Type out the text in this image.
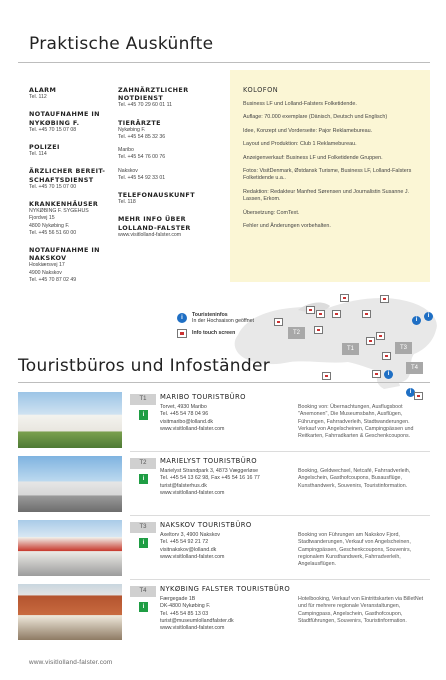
Praktische Auskünfte
ALARM
Tel. 112
NOTAUFNAHME IN NYKØBING F.
Tel. +45 70 15 07 08
POLIZEI
Tel. 114
ÄRZLICHER BEREIT-SCHAFTSDIENST
Tel. +45 70 15 07 00
KRANKENHÄUSER
NYKØBING F. SYGEHUS
Fjordvej 15
4800 Nykøbing F.
Tel. +45 56 51 60 00
NOTAUFNAHME IN NAKSKOV
Hoskiærsvej 17
4900 Nakskov
Tel. +45 70 87 02 49
ZAHNÄRZTLICHER NOTDIENST
Tel. +45 70 29 60 01 11
TIERÄRZTE
Nykøbing F.
Tel. +45 54 85 32 36
Maribo
Tel. +45 54 76 00 76
Nakskov
Tel. +45 54 92 33 01
TELEFONAUSKUNFT
Tel. 118
MEHR INFO ÜBER LOLLAND-FALSTER
www.visitlolland-falster.com
KOLOFON
Business LF und Lolland-Falsters Folketidende.
Auflage: 70.000 exemplare (Dänisch, Deutsch und Englisch)
Idee, Konzept und Vorderseite: Pajor Reklamebureau.
Layout und Produktion: Club 1 Reklamebureau.
Anzeigenverkauf: Business LF und Folketidende Gruppen.
Fotos: VisitDenmark, Østdansk Turisme, Business LF, Lolland-Falsters Folketidende u.a..
Redaktion: Redakteur Manfred Sørensen und Journalistin Susanne J. Lassen, Erkom.
Übersetzung: ComText.
Fehler und Änderungen vorbehalten.
T2
T1	T3
T4
i
i
i
i
i
Touristeninfos
In der Hochsaison geöffnet
Info touch screen
Touristbüros und Infoständer
T1
i
MARIBO TOURISTBÜRO
Torvet, 4930 Maribo
Tel. +45 54 78 04 96
visitmaribo@lolland.dk
www.visitlolland-falster.com
Booking von: Übernachtungen, Ausflugsboot "Anemonen", Die Museumsbahn, Ausflügen, Führungen, Fahrradverleih, Stadtwanderungen. Verkauf von Angelscheinen, Campingpässen und Reitkarten, Fahrradkarten & Geschenkcoupons.
T2
i
MARIELYST TOURISTBÜRO
Marielyst Strandpark 3, 4873 Væggerløse
Tel. +45 54 13 62 98, Fax +45 54 16 16 77
turist@falsterhus.dk
www.visitlolland-falster.com
Booking, Geldwechsel, Netcafé, Fahrradverleih, Angelschein, Gasthofcoupons, Busausflüge, Kunsthandwerk, Souvenirs, Touristinformation.
T3
i
NAKSKOV TOURISTBÜRO
Axeltorv 3, 4900 Nakskov
Tel. +45 54 92 21 72
visitnakskov@lolland.dk
www.visitlolland-falster.com
Booking von Führungen am Nakskov Fjord, Stadtwanderungen, Verkauf von Angelscheinen, Campingpässen, Geschenkcoupons, Souvenirs, regionalem Kunsthandwerk, Fahrradverleih, Angelausflügen.
T4
i
NYKØBING FALSTER TOURISTBÜRO
Færgegade 1B
DK-4800 Nykøbing F.
Tel. +45 54 85 13 03
turist@museumlollandfalster.dk
www.visitlolland-falster.com
Hotelbooking, Verkauf von Eintrittskarten via BilletNet und für mehrere regionale Veranstaltungen, Campingpass, Angelschein, Gasthofcoupon, Stadtführungen, Souvenirs, Touristinformation.
www.visitlolland-falster.com
